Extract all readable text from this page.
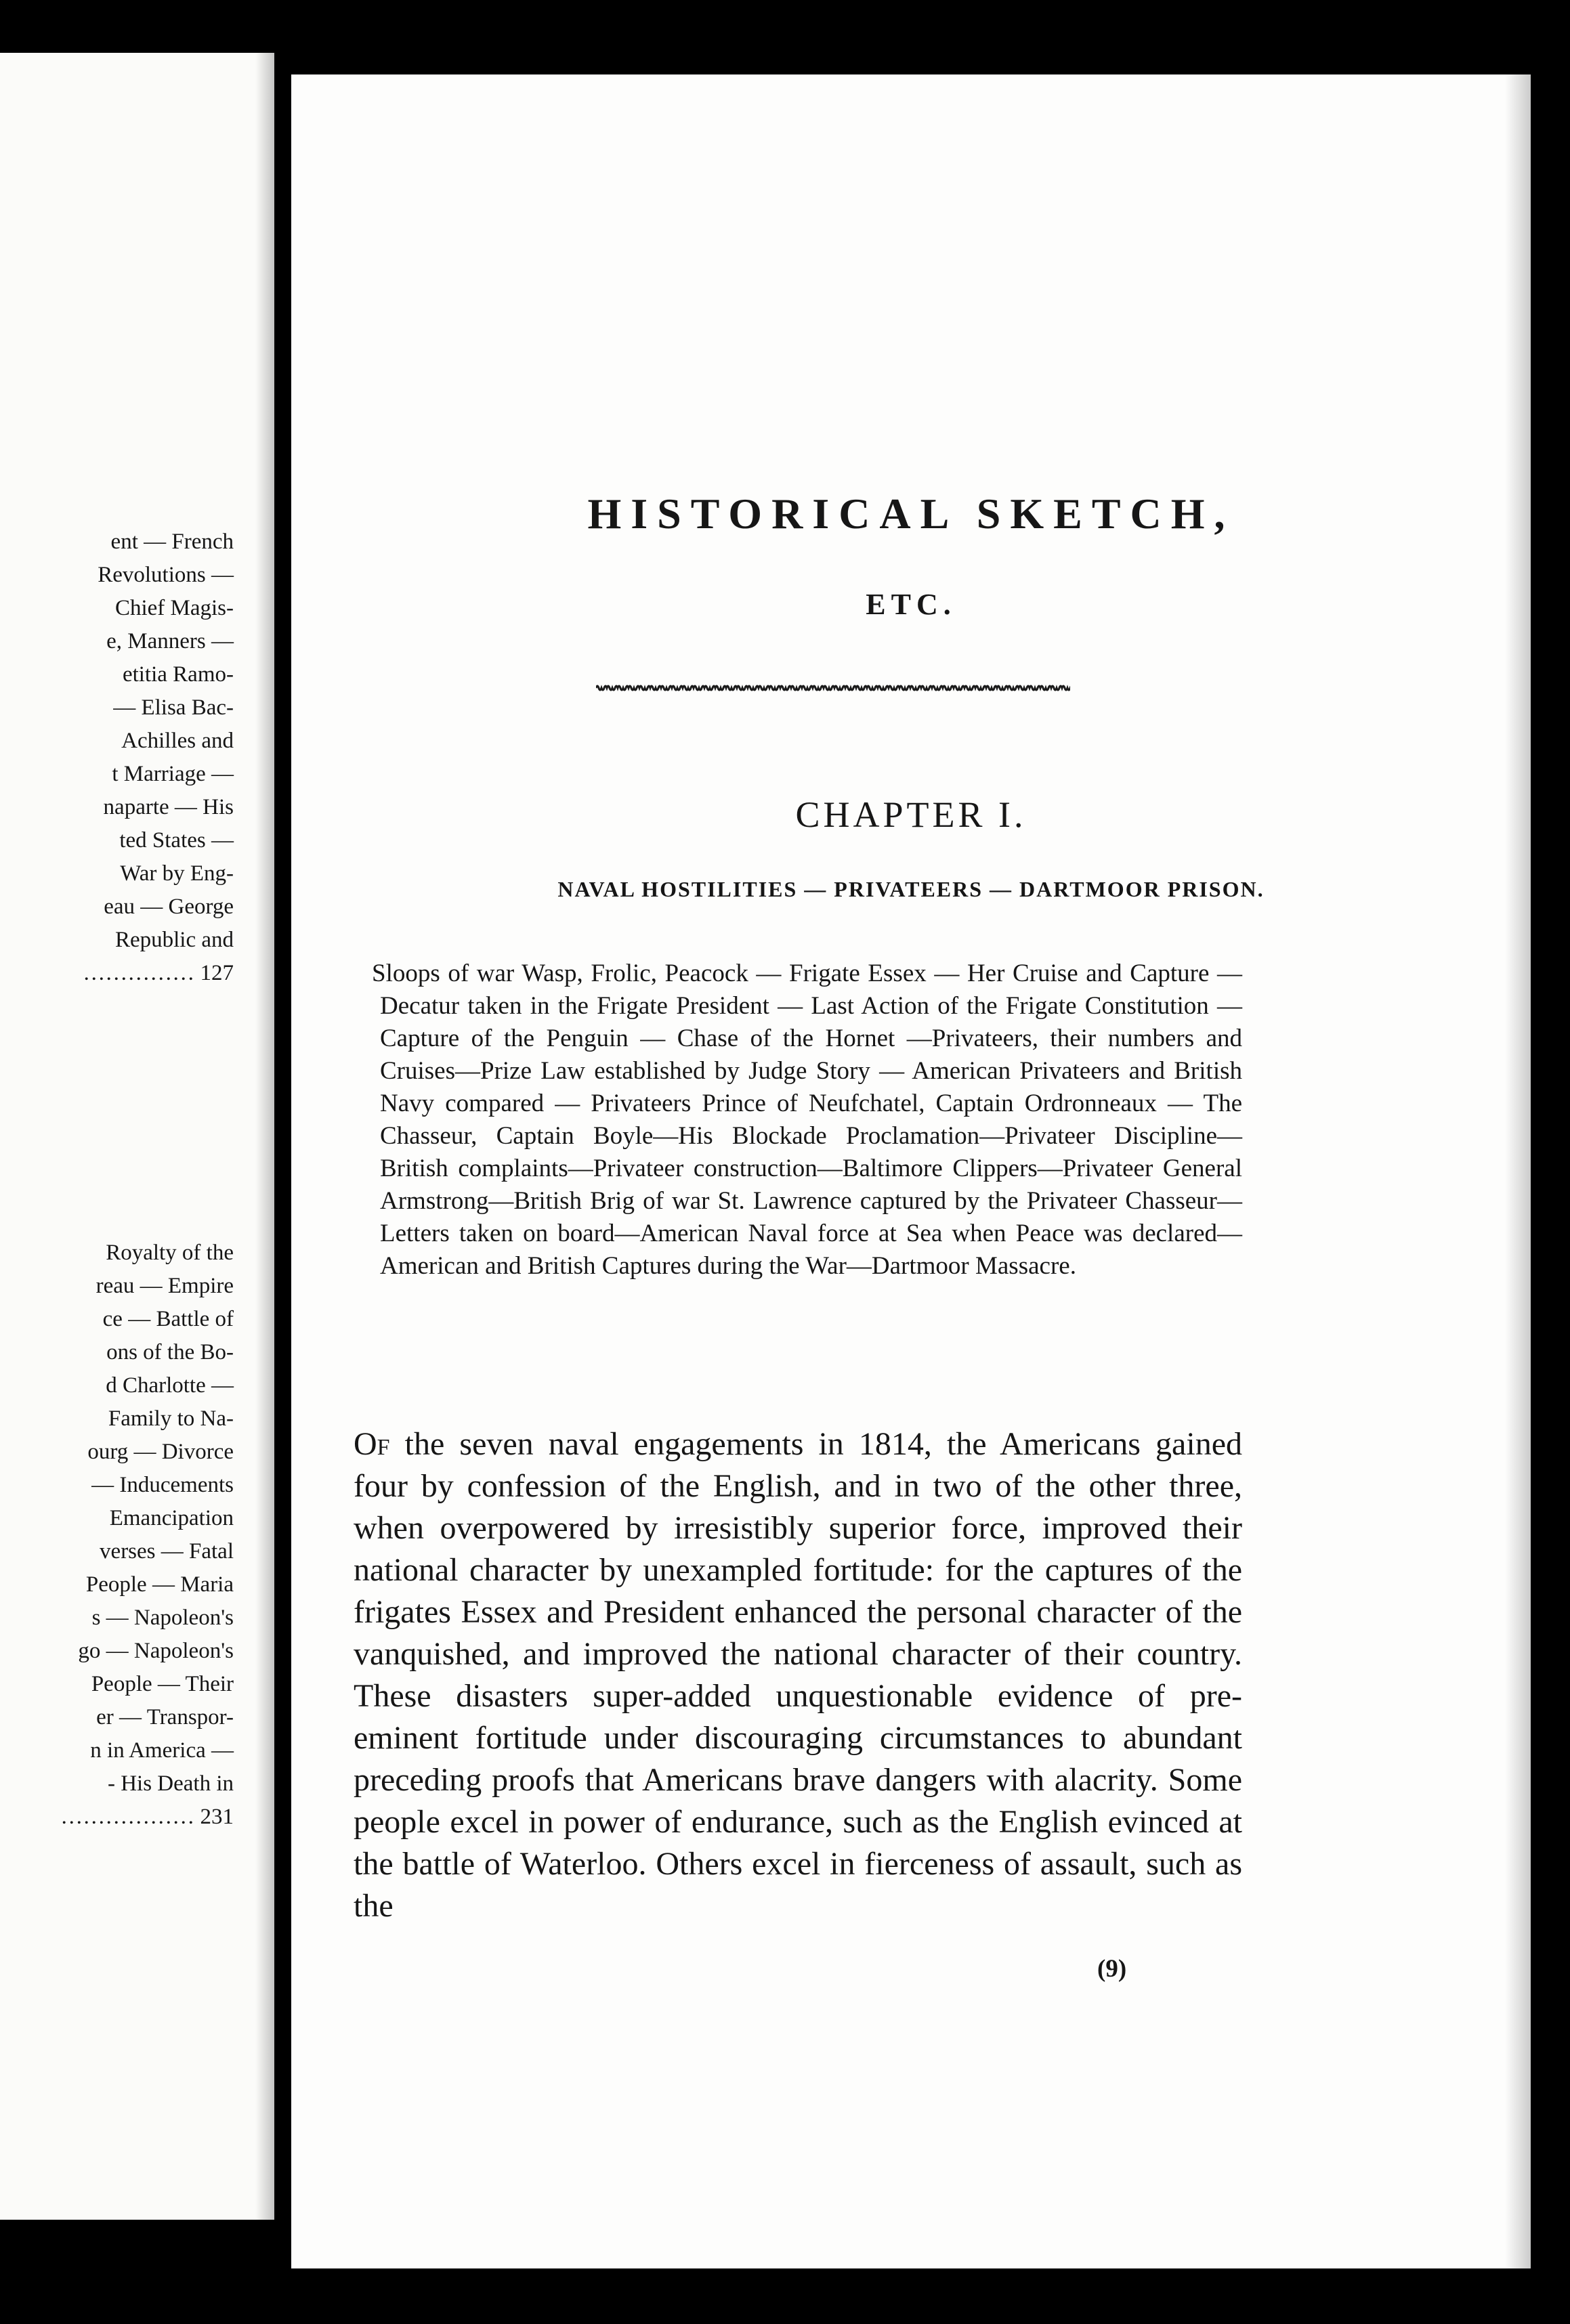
ent — French
Revolutions —
Chief Magis-
e, Manners —
etitia Ramo-
— Elisa Bac-
Achilles and
t Marriage —
naparte — His
ted States —
War by Eng-
eau — George
Republic and
…………… 127
Royalty of the
reau — Empire
ce — Battle of
ons of the Bo-
d Charlotte —
Family to Na-
ourg — Divorce
— Inducements
Emancipation
verses — Fatal
People — Maria
s — Napoleon's
go — Napoleon's
People — Their
er — Transpor-
n in America —
- His Death in
……………… 231
HISTORICAL SKETCH,
ETC.
CHAPTER I.
NAVAL HOSTILITIES — PRIVATEERS — DARTMOOR PRISON.
Sloops of war Wasp, Frolic, Peacock — Frigate Essex — Her Cruise and Capture — Decatur taken in the Frigate President — Last Action of the Frigate Constitution — Capture of the Penguin — Chase of the Hornet —Privateers, their numbers and Cruises—Prize Law established by Judge Story — American Privateers and British Navy compared — Privateers Prince of Neufchatel, Captain Ordronneaux — The Chasseur, Captain Boyle—His Blockade Proclamation—Privateer Discipline—British complaints—Privateer construction—Baltimore Clippers—Privateer General Armstrong—British Brig of war St. Lawrence captured by the Privateer Chasseur—Letters taken on board—American Naval force at Sea when Peace was declared—American and British Captures during the War—Dartmoor Massacre.
Of the seven naval engagements in 1814, the Americans gained four by confession of the English, and in two of the other three, when overpowered by irresistibly superior force, improved their national character by unexampled fortitude: for the captures of the frigates Essex and President enhanced the personal character of the vanquished, and improved the national character of their country. These disasters super-added unquestionable evidence of pre-eminent fortitude under discouraging circumstances to abundant preceding proofs that Americans brave dangers with alacrity. Some people excel in power of endurance, such as the English evinced at the battle of Waterloo. Others excel in fierceness of assault, such as the
(9)
